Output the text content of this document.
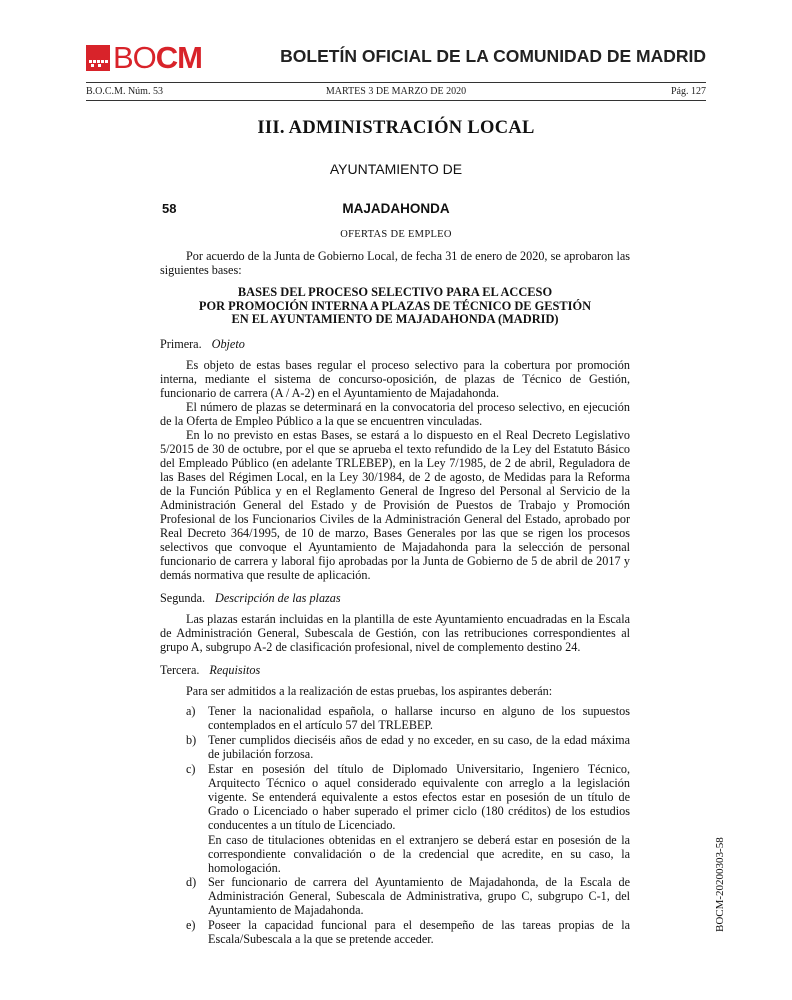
BOCM	BOLETÍN OFICIAL DE LA COMUNIDAD DE MADRID
B.O.C.M. Núm. 53	MARTES 3 DE MARZO DE 2020	Pág. 127
III. ADMINISTRACIÓN LOCAL
AYUNTAMIENTO DE
58	MAJADAHONDA
OFERTAS DE EMPLEO

Por acuerdo de la Junta de Gobierno Local, de fecha 31 de enero de 2020, se aprobaron las siguientes bases:

BASES DEL PROCESO SELECTIVO PARA EL ACCESO
POR PROMOCIÓN INTERNA A PLAZAS DE TÉCNICO DE GESTIÓN
EN EL AYUNTAMIENTO DE MAJADAHONDA (MADRID)
Primera. Objeto

Es objeto de estas bases regular el proceso selectivo para la cobertura por promoción interna, mediante el sistema de concurso-oposición, de plazas de Técnico de Gestión, funcionario de carrera (A / A-2) en el Ayuntamiento de Majadahonda.

El número de plazas se determinará en la convocatoria del proceso selectivo, en ejecución de la Oferta de Empleo Público a la que se encuentren vinculadas.

En lo no previsto en estas Bases, se estará a lo dispuesto en el Real Decreto Legislativo 5/2015 de 30 de octubre, por el que se aprueba el texto refundido de la Ley del Estatuto Básico del Empleado Público (en adelante TRLEBEP), en la Ley 7/1985, de 2 de abril, Reguladora de las Bases del Régimen Local, en la Ley 30/1984, de 2 de agosto, de Medidas para la Reforma de la Función Pública y en el Reglamento General de Ingreso del Personal al Servicio de la Administración General del Estado y de Provisión de Puestos de Trabajo y Promoción Profesional de los Funcionarios Civiles de la Administración General del Estado, aprobado por Real Decreto 364/1995, de 10 de marzo, Bases Generales por las que se rigen los procesos selectivos que convoque el Ayuntamiento de Majadahonda para la selección de personal funcionario de carrera y laboral fijo aprobadas por la Junta de Gobierno de 5 de abril de 2017 y demás normativa que resulte de aplicación.

Segunda. Descripción de las plazas

Las plazas estarán incluidas en la plantilla de este Ayuntamiento encuadradas en la Escala de Administración General, Subescala de Gestión, con las retribuciones correspondientes al grupo A, subgrupo A-2 de clasificación profesional, nivel de complemento destino 24.

Tercera. Requisitos

Para ser admitidos a la realización de estas pruebas, los aspirantes deberán:

a)	Tener la nacionalidad española, o hallarse incurso en alguno de los supuestos contemplados en el artículo 57 del TRLEBEP.
b) Tener cumplidos dieciséis años de edad y no exceder, en su caso, de la edad máxima de jubilación forzosa.
c)	Estar en posesión del título de Diplomado Universitario, Ingeniero Técnico, Arquitecto Técnico o aquel considerado equivalente con arreglo a la legislación vigente. Se entenderá equivalente a estos efectos estar en posesión de un título de Grado o Licenciado o haber superado el primer ciclo (180 créditos) de los estudios conducentes a un título de Licenciado.

En caso de titulaciones obtenidas en el extranjero se deberá estar en posesión de la correspondiente convalidación o de la credencial que acredite, en su caso, la homologación.

d) Ser funcionario de carrera del Ayuntamiento de Majadahonda, de la Escala de Administración General, Subescala de Administrativa, grupo C, subgrupo C-1, del Ayuntamiento de Majadahonda.
e)	Poseer la capacidad funcional para el desempeño de las tareas propias de la Escala/Subescala a la que se pretende acceder.
BOCM-20200303-58
